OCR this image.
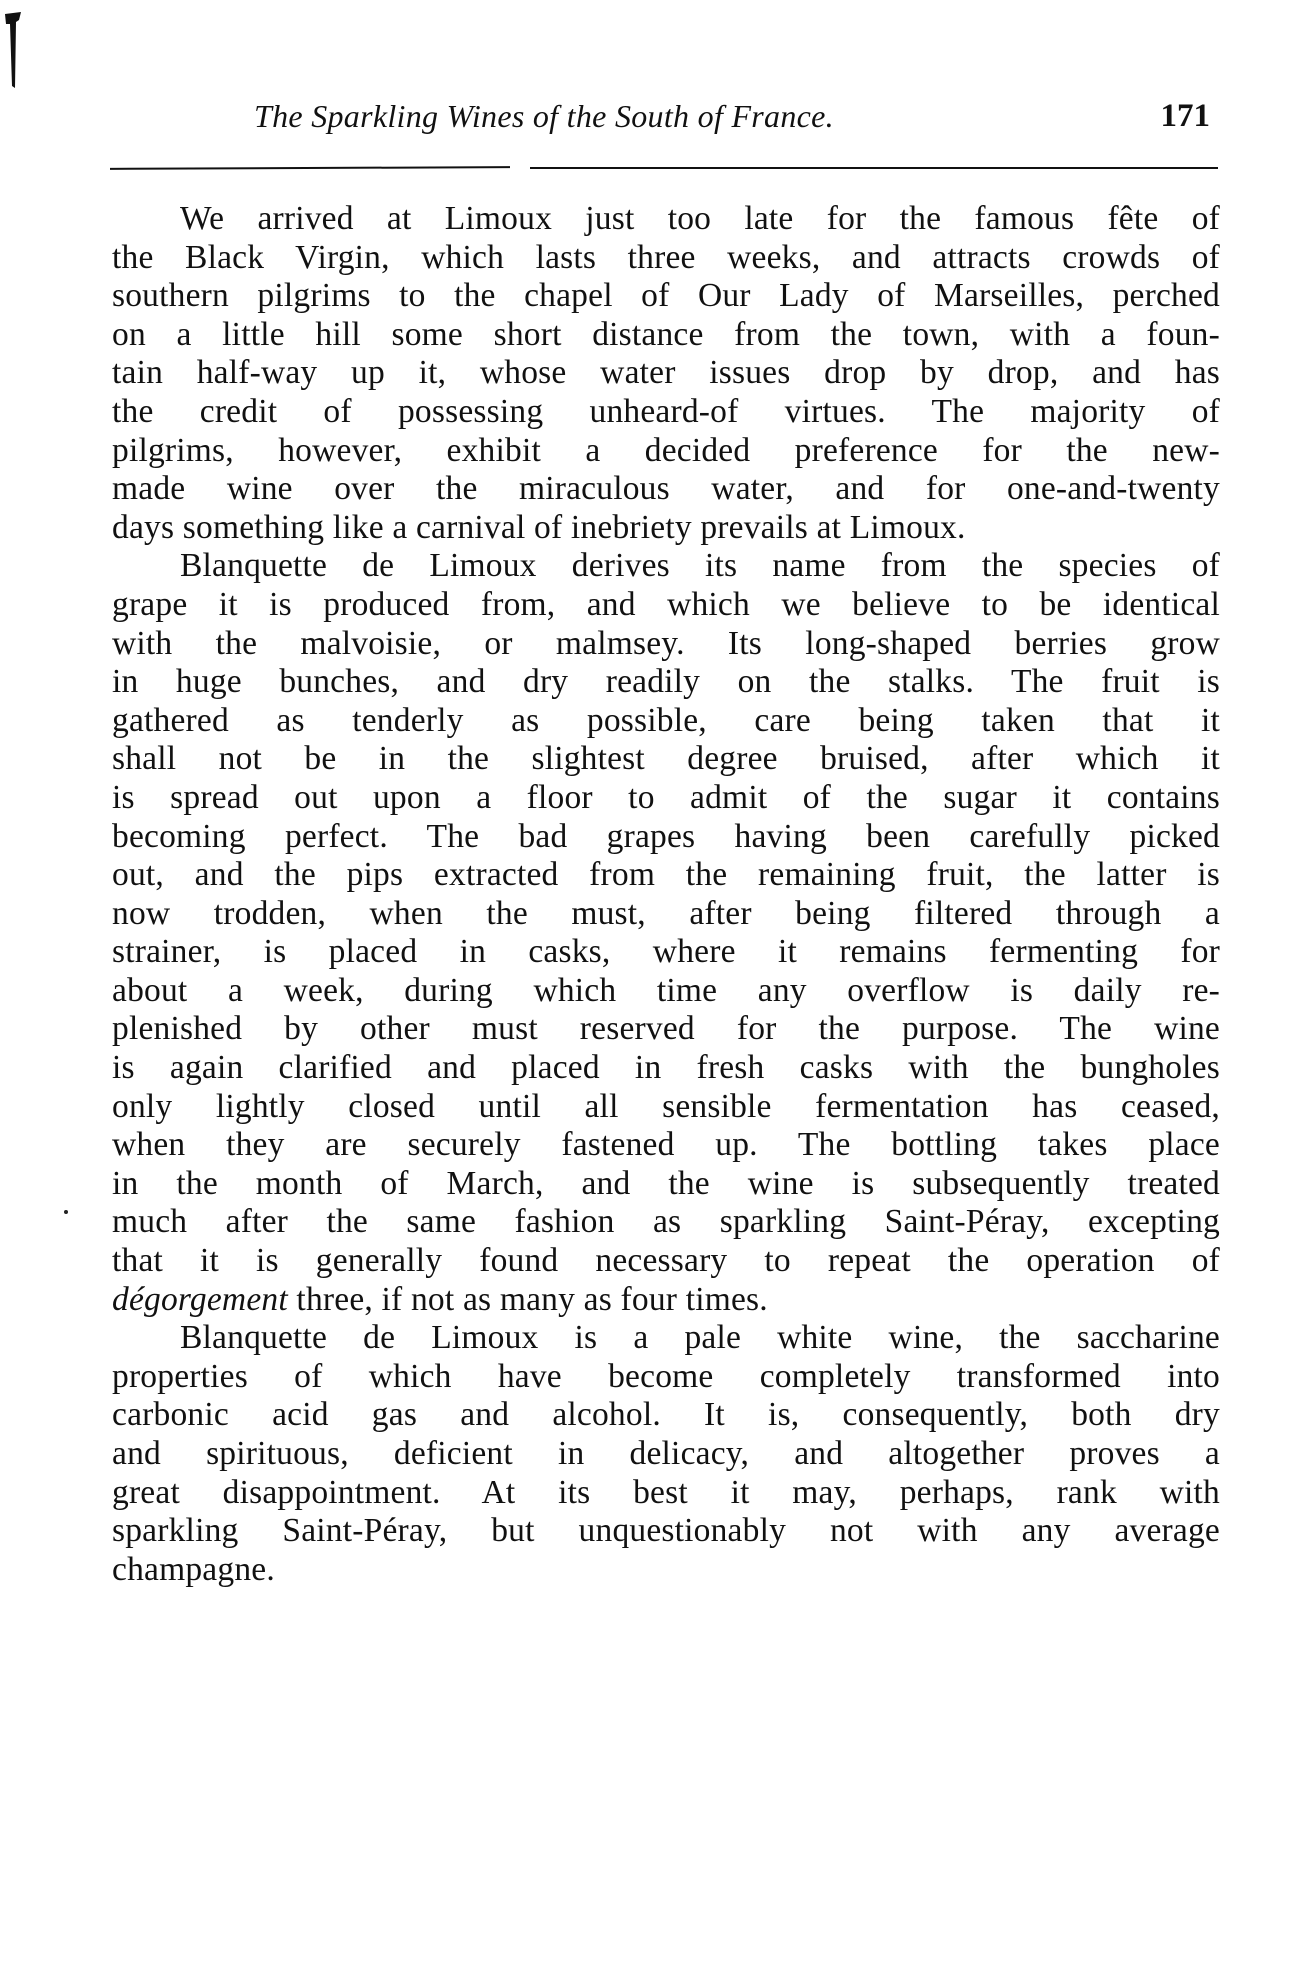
The Sparkling Wines of the South of France.	171
We arrived at Limoux just too late for the famous fête of
the Black Virgin, which lasts three weeks, and attracts crowds of
southern pilgrims to the chapel of Our Lady of Marseilles, perched
on a little hill some short distance from the town, with a foun-
tain half-way up it, whose water issues drop by drop, and has
the credit of possessing unheard-of virtues. The majority of
pilgrims, however, exhibit a decided preference for the new-
made wine over the miraculous water, and for one-and-twenty
days something like a carnival of inebriety prevails at Limoux.
Blanquette de Limoux derives its name from the species of
grape it is produced from, and which we believe to be identical
with the malvoisie, or malmsey. Its long-shaped berries grow
in huge bunches, and dry readily on the stalks. The fruit is
gathered as tenderly as possible, care being taken that it
shall not be in the slightest degree bruised, after which it
is spread out upon a floor to admit of the sugar it contains
becoming perfect. The bad grapes having been carefully picked
out, and the pips extracted from the remaining fruit, the latter is
now trodden, when the must, after being filtered through a
strainer, is placed in casks, where it remains fermenting for
about a week, during which time any overflow is daily re-
plenished by other must reserved for the purpose. The wine
is again clarified and placed in fresh casks with the bungholes
only lightly closed until all sensible fermentation has ceased,
when they are securely fastened up. The bottling takes place
in the month of March, and the wine is subsequently treated
much after the same fashion as sparkling Saint-Péray, excepting
that it is generally found necessary to repeat the operation of
dégorgement three, if not as many as four times.
Blanquette de Limoux is a pale white wine, the saccharine
properties of which have become completely transformed into
carbonic acid gas and alcohol. It is, consequently, both dry
and spirituous, deficient in delicacy, and altogether proves a
great disappointment. At its best it may, perhaps, rank with
sparkling Saint-Péray, but unquestionably not with any average
champagne.
